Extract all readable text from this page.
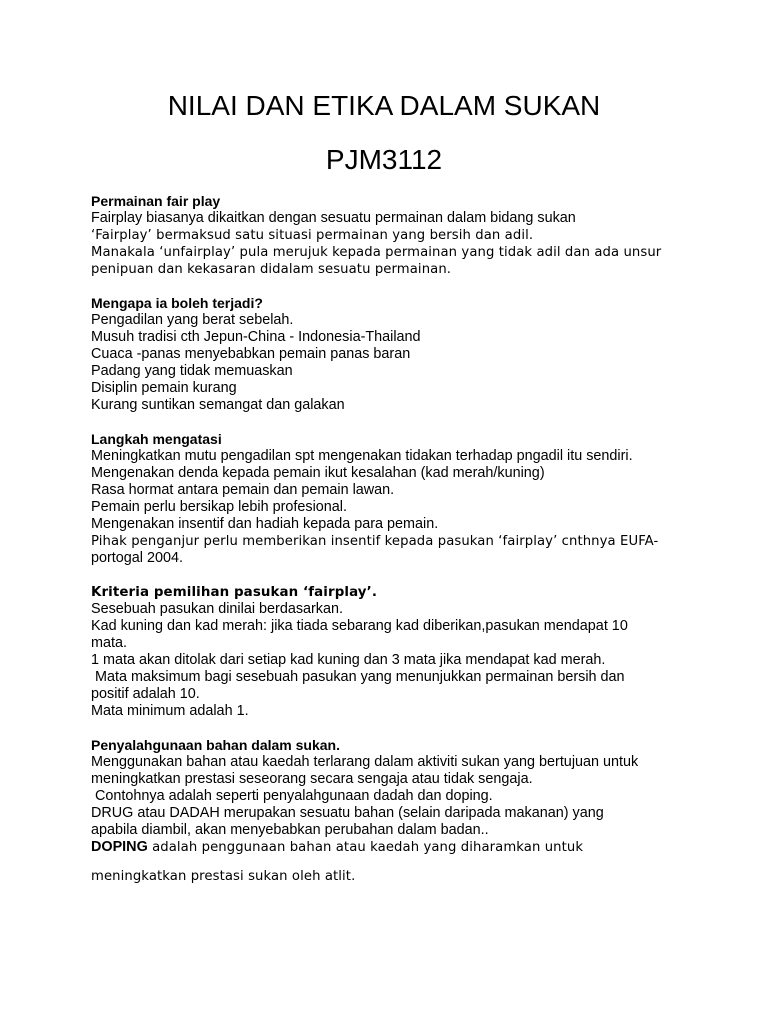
NILAI DAN ETIKA DALAM SUKAN
PJM3112
Permainan fair play
Fairplay biasanya dikaitkan dengan sesuatu permainan dalam bidang sukan
‘Fairplay’ bermaksud satu situasi permainan yang bersih dan adil.
Manakala ‘unfairplay’ pula merujuk kepada permainan yang tidak adil dan ada unsur
penipuan dan kekasaran didalam sesuatu permainan.
Mengapa ia boleh terjadi?
Pengadilan yang berat sebelah.
Musuh tradisi cth Jepun-China - Indonesia-Thailand
Cuaca -panas menyebabkan pemain panas baran
Padang yang tidak memuaskan
Disiplin pemain kurang
Kurang suntikan semangat dan galakan
Langkah mengatasi
Meningkatkan mutu pengadilan spt mengenakan tidakan terhadap pngadil itu sendiri.
Mengenakan denda kepada pemain ikut kesalahan (kad merah/kuning)
Rasa hormat antara pemain dan pemain lawan.
Pemain perlu bersikap lebih profesional.
Mengenakan insentif dan hadiah kepada para pemain.
Pihak penganjur perlu memberikan insentif kepada pasukan ‘fairplay’ cnthnya EUFA-
portogal 2004.
Kriteria pemilihan pasukan ‘fairplay’.
Sesebuah pasukan dinilai berdasarkan.
Kad kuning dan kad merah: jika tiada sebarang kad diberikan,pasukan mendapat 10
mata.
1 mata akan ditolak dari setiap kad kuning dan 3 mata jika mendapat kad merah.
Mata maksimum bagi sesebuah pasukan yang menunjukkan permainan bersih dan
positif adalah 10.
Mata minimum adalah 1.
Penyalahgunaan bahan dalam sukan.
Menggunakan bahan atau kaedah terlarang dalam aktiviti sukan yang bertujuan untuk
meningkatkan prestasi seseorang secara sengaja atau tidak sengaja.
Contohnya adalah seperti penyalahgunaan dadah dan doping.
DRUG atau DADAH merupakan sesuatu bahan (selain daripada makanan) yang
apabila diambil, akan menyebabkan perubahan dalam badan..
DOPING adalah penggunaan bahan atau kaedah yang diharamkan untuk
meningkatkan prestasi sukan oleh atlit.
